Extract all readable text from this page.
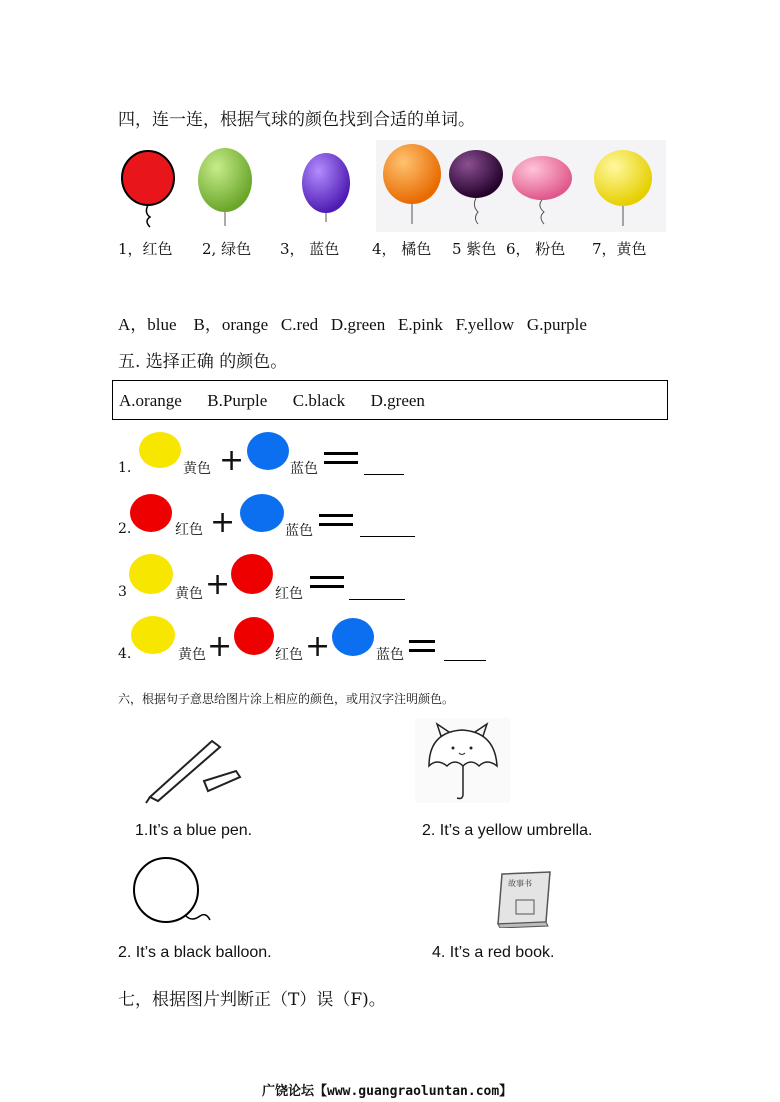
四，连一连，根据气球的颜色找到合适的单词。
1，红色 2, 绿色 3， 蓝色 4， 橘色 5 紫色 6， 粉色 7，黄色
A，blue    B，orange   C.red   D.green   E.pink   F.yellow   G.purple
五. 选择正确 的颜色。
A.orange      B.Purple      C.black      D.green
1.	黄色 +	蓝色
2.	红色 +	蓝色
3	黄色 +	红色
4.	黄色 +	红色 +	蓝色
六，根据句子意思给图片涂上相应的颜色，或用汉字注明颜色。
1.It’s a blue pen.	2. It’s a yellow umbrella.
故事书
2. It’s a black balloon.	4. It’s a red book.
七，根据图片判断正（T）误（F)。
广饶论坛【www.guangraoluntan.com】
